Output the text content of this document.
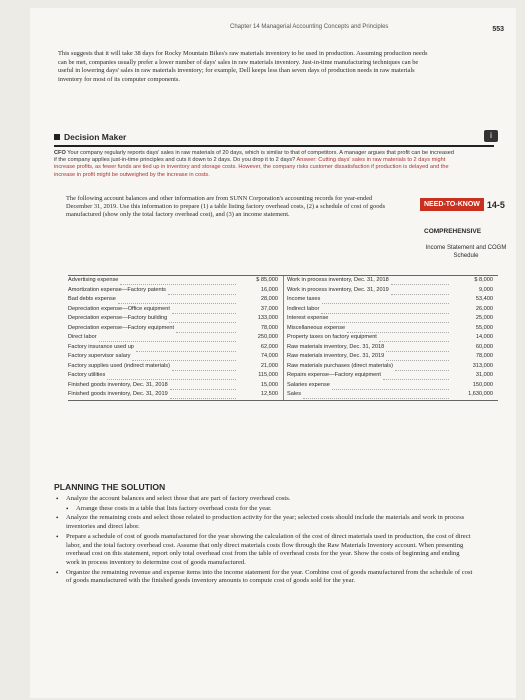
Chapter 14 Managerial Accounting Concepts and Principles	553
This suggests that it will take 38 days for Rocky Mountain Bikes's raw materials inventory to be used in production. Assuming production needs can be met, companies usually prefer a lower number of days' sales in raw materials inventory. Just-in-time manufacturing techniques can be useful in lowering days' sales in raw materials inventory; for example, Dell keeps less than seven days of production needs in raw materials inventory for most of its computer components.
Decision Maker	i
CFO Your company regularly reports days' sales in raw materials of 20 days, which is similar to that of competitors. A manager argues that profit can be increased if the company applies just-in-time principles and cuts it down to 2 days. Do you drop it to 2 days? Answer: Cutting days' sales in raw materials to 2 days might increase profits, as fewer funds are tied up in inventory and storage costs. However, the company risks customer dissatisfaction if production is delayed and the increase in profit might be outweighed by the increase in costs.
The following account balances and other information are from SUNN Corporation's accounting records for year-ended December 31, 2019. Use this information to prepare (1) a table listing factory overhead costs, (2) a schedule of cost of goods manufactured (show only the total factory overhead cost), and (3) an income statement.
NEED-TO-KNOW 14-5
COMPREHENSIVE
Income Statement and COGM Schedule
Advertising expense	$ 85,000
Amortization expense—Factory patents	16,000
Bad debts expense	28,000
Depreciation expense—Office equipment	37,000
Depreciation expense—Factory building	133,000
Depreciation expense—Factory equipment	78,000
Direct labor	250,000
Factory insurance used up	62,000
Factory supervisor salary	74,000
Factory supplies used (indirect materials)	21,000
Factory utilities	115,000
Finished goods inventory, Dec. 31, 2018	15,000
Finished goods inventory, Dec. 31, 2019	12,500
Work in process inventory, Dec. 31, 2018	$ 8,000
Work in process inventory, Dec. 31, 2019	9,000
Income taxes	53,400
Indirect labor	26,000
Interest expense	25,000
Miscellaneous expense	55,000
Property taxes on factory equipment	14,000
Raw materials inventory, Dec. 31, 2018	60,000
Raw materials inventory, Dec. 31, 2019	78,000
Raw materials purchases (direct materials)	313,000
Repairs expense—Factory equipment	31,000
Salaries expense	150,000
Sales	1,630,000
PLANNING THE SOLUTION
• Analyze the account balances and select those that are part of factory overhead costs.
• Arrange these costs in a table that lists factory overhead costs for the year.
• Analyze the remaining costs and select those related to production activity for the year; selected costs should include the materials and work in process inventories and direct labor.
• Prepare a schedule of cost of goods manufactured for the year showing the calculation of the cost of direct materials used in production, the cost of direct labor, and the total factory overhead cost. Assume that only direct materials costs flow through the Raw Materials Inventory account. When presenting overhead cost on this statement, report only total overhead cost from the table of overhead costs for the year. Show the costs of beginning and ending work in process inventory to determine cost of goods manufactured.
• Organize the remaining revenue and expense items into the income statement for the year. Combine cost of goods manufactured from the schedule of cost of goods manufactured with the finished goods inventory amounts to compute cost of goods sold for the year.
